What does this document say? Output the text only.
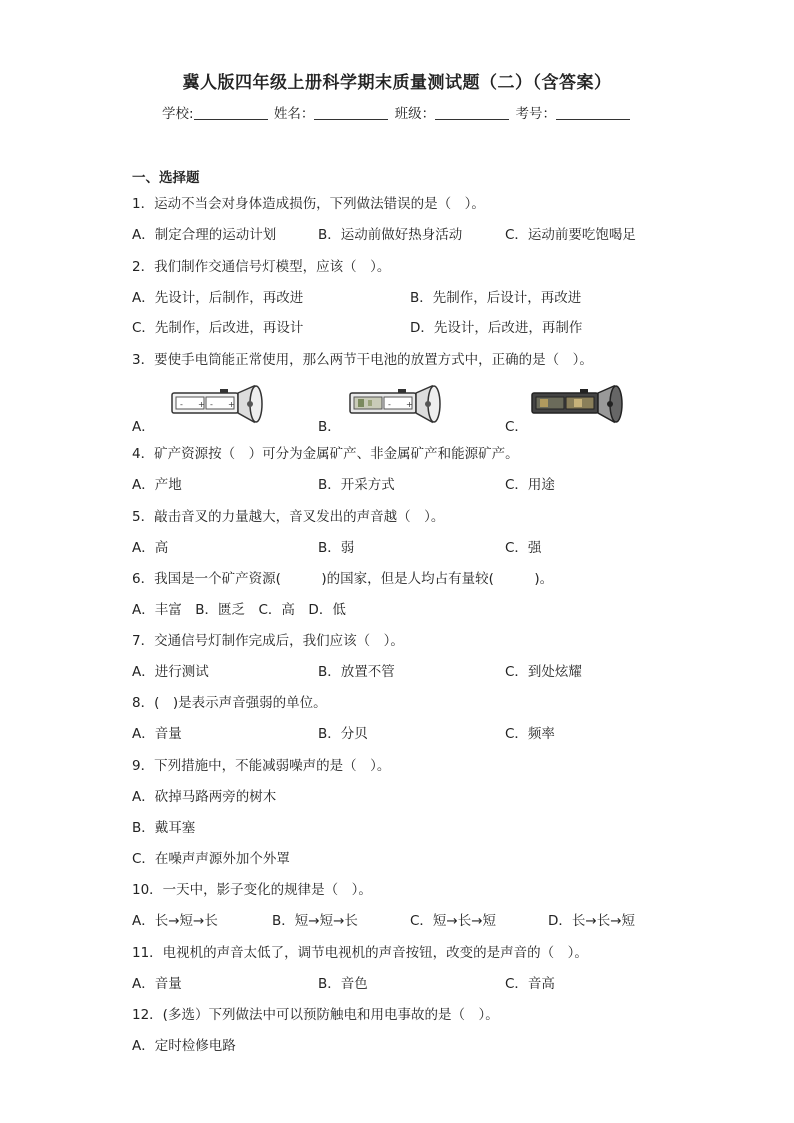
冀人版四年级上册科学期末质量测试题（二）（含答案）
学校:	姓名：	班级：	考号：
一、选择题
1．运动不当会对身体造成损伤，下列做法错误的是（　）。
A．制定合理的运动计划	B．运动前做好热身活动	C．运动前要吃饱喝足
2．我们制作交通信号灯模型，应该（　）。
A．先设计，后制作，再改进	B．先制作，后设计，再改进
C．先制作，后改进，再设计	D．先设计，后改进，再制作
3．要使手电筒能正常使用，那么两节干电池的放置方式中，正确的是（　）。
A．	B．	C．
- + - +	- +
4．矿产资源按（　）可分为金属矿产、非金属矿产和能源矿产。
A．产地	B．开采方式	C．用途
5．敲击音叉的力量越大，音叉发出的声音越（　）。
A．高	B．弱	C．强
6．我国是一个矿产资源(　　　)的国家，但是人均占有量较(　　　)。
A．丰富　B．匮乏　C．高　D．低
7．交通信号灯制作完成后，我们应该（　）。
A．进行测试	B．放置不管	C．到处炫耀
8．(　)是表示声音强弱的单位。
A．音量	B．分贝	C．频率
9．下列措施中，不能减弱噪声的是（　）。
A．砍掉马路两旁的树木
B．戴耳塞
C．在噪声声源外加个外罩
10．一天中，影子变化的规律是（　）。
A．长→短→长	B．短→短→长	C．短→长→短	D．长→长→短
11．电视机的声音太低了，调节电视机的声音按钮，改变的是声音的（　）。
A．音量	B．音色	C．音高
12．(多选）下列做法中可以预防触电和用电事故的是（　）。
A．定时检修电路
